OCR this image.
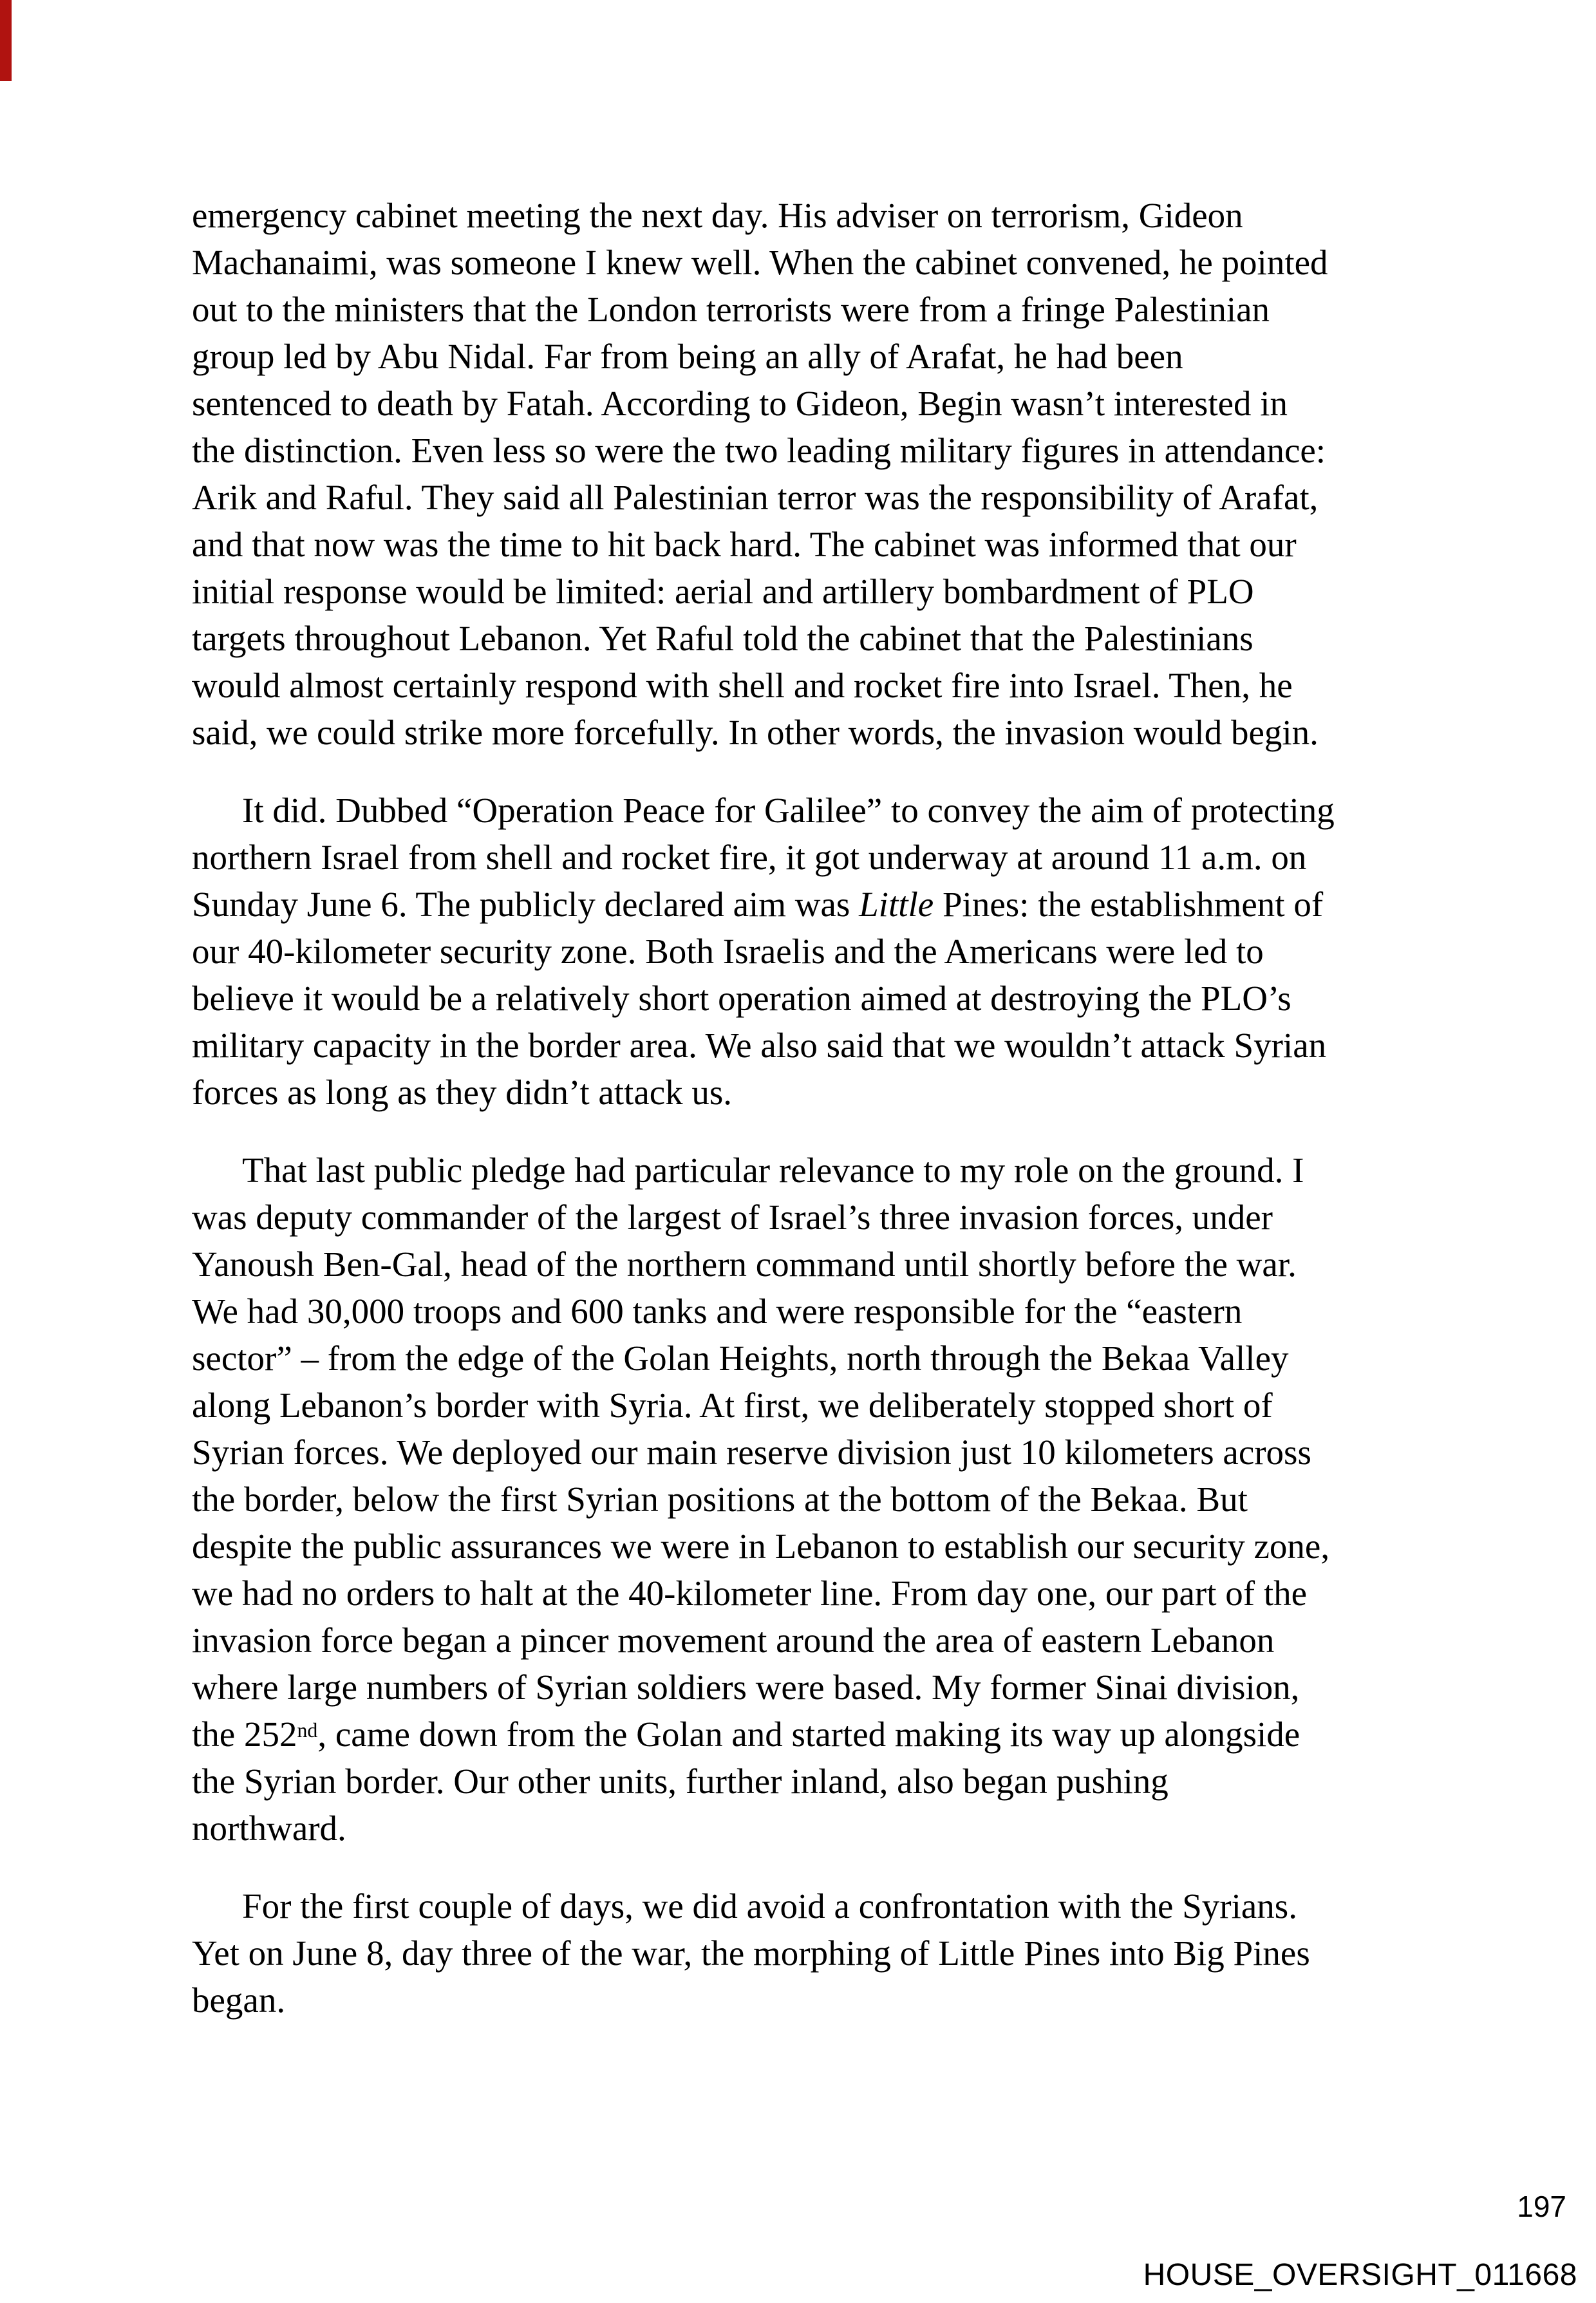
emergency cabinet meeting the next day. His adviser on terrorism, Gideon
Machanaimi, was someone I knew well. When the cabinet convened, he pointed
out to the ministers that the London terrorists were from a fringe Palestinian
group led by Abu Nidal. Far from being an ally of Arafat, he had been
sentenced to death by Fatah. According to Gideon, Begin wasn’t interested in
the distinction. Even less so were the two leading military figures in attendance:
Arik and Raful. They said all Palestinian terror was the responsibility of Arafat,
and that now was the time to hit back hard. The cabinet was informed that our
initial response would be limited: aerial and artillery bombardment of PLO
targets throughout Lebanon. Yet Raful told the cabinet that the Palestinians
would almost certainly respond with shell and rocket fire into Israel. Then, he
said, we could strike more forcefully. In other words, the invasion would begin.

It did. Dubbed “Operation Peace for Galilee” to convey the aim of protecting
northern Israel from shell and rocket fire, it got underway at around 11 a.m. on
Sunday June 6. The publicly declared aim was Little Pines: the establishment of
our 40-kilometer security zone. Both Israelis and the Americans were led to
believe it would be a relatively short operation aimed at destroying the PLO’s
military capacity in the border area. We also said that we wouldn’t attack Syrian
forces as long as they didn’t attack us.

That last public pledge had particular relevance to my role on the ground. I
was deputy commander of the largest of Israel’s three invasion forces, under
Yanoush Ben-Gal, head of the northern command until shortly before the war.
We had 30,000 troops and 600 tanks and were responsible for the “eastern
sector” – from the edge of the Golan Heights, north through the Bekaa Valley
along Lebanon’s border with Syria. At first, we deliberately stopped short of
Syrian forces. We deployed our main reserve division just 10 kilometers across
the border, below the first Syrian positions at the bottom of the Bekaa. But
despite the public assurances we were in Lebanon to establish our security zone,
we had no orders to halt at the 40-kilometer line. From day one, our part of the
invasion force began a pincer movement around the area of eastern Lebanon
where large numbers of Syrian soldiers were based. My former Sinai division,
the 252nd, came down from the Golan and started making its way up alongside
the Syrian border. Our other units, further inland, also began pushing
northward.

For the first couple of days, we did avoid a confrontation with the Syrians.
Yet on June 8, day three of the war, the morphing of Little Pines into Big Pines
began.

197
HOUSE_OVERSIGHT_011668
